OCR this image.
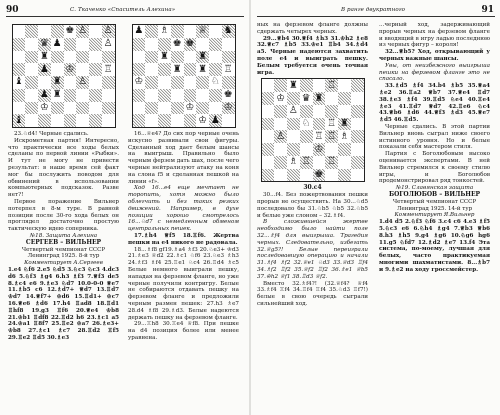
90	С. Ткаченко «Спаситель Алехина»
♚ ♙ ♙
♛ ♟	♙
♜
♟ ♔	♖
♝	♜ ♙
♟ ♜
♔
♝

23.♘d4! Черные сдались.

Искрометная партия! Интересно, что практически все ходы белых сделаны по первой линии «Рыбки». И тут не могу не привести результат: в наше время сей факт мог бы послужить поводом для обвинений в использовании компьютерных подсказок. Разве нет?!

Первое поражение Вильнер потерпел в 8-м туре. В равной позиции после 30-го хода белых он проглядел достаточно простую тактическую идею соперника.

№18. Защита Алехина

СЕРГЕЕВ – ВИЛЬНЕР

Четвертый чемпионат СССР

Ленинград 1925. 8-й тур

Комментирует А.Сергеев

1.e4 ♘f6 2.e5 ♘d5 3.♘c3 ♘c3 4.dc3 d6 5.♘f3 ♗g4 6.h3 ♗f3 7.♕f3 de5 8.♗c4 e6 9.♗e3 ♘d7 10.0-0-0 ♕e7 11.♗b5 c6 12.♗d7+ ♕d7 13.♖d7 ♔d7 14.♕f7+ ♔d6 15.♖d1+ ♔c7 16.♕e6 ♗d6 17.h4 ♖ad8 18.♖d1 ♖hf8 19.g3 ♖f6 20.♕e4 ♔b8 21.♔b1 ♖df8 22.♖d2 h6 23.♗c1 a5 24.♔a1 ♖8f7 25.♖e2 ♔a7 26.♗e3+ ♔b8 27.♗c1 ♗c7 28.♖d2 ♖f5 29.♖e2 ♖d5 30.♗e3

♟ ♗	♕ ♞
♚ ♚
♜	♜
♜ ♜ ♖
♔	♘
♚
♔	♔
♔ ♟

16...♕e4? До сих пор черные очень искусно развивали свои фигуры. Сделанный ход дает белым шансы на выигрыш. Правильно было черным ферзем дать шах, после чего черные нейтрализуют атаку на коня на слона f5 и сделанная пешкой на линии «f».

Ход 16...e4 еще мечтает не торопить, хотя можно было облегчить и без таких резких движений. Например, в духе позиции хорошо смотрелось 16...♘d7 с немедленным обменом центральных пешек.

17.♗h4 ♕f5 18.♖f6. Жертва пешки на e4 никого не радовала.

18...♗f8 gf19.♗a4 ♗f3 20.♘e3+ ♔d3 21.♗e3 ♕d2 22.♗c1 ♘f6 23.♘e3 ♗h3 24.♗f3 ♗f4 25.♖e1 ♘c4 26.♖d4 ♗c5 Белые немного выиграли пешку, нападая на ферзевом фланге, но уже черные получили контригру. Белые не собираются отдавать пешку на ферзевом фланге и предложили черным размен пешек: 27.h3 ♗e7 28.d4 ♗f8 29.♗d3. Белые надеются держать пешку на ферзевом фланге.

29...♖h8 30.♖e4 ♕f8. При пешке на d4 позиция более или менее уравнена.

В ранге двукратного	91

ных на ферзевом фланге должны сдержать четырех черных.

29...♕b4 30.♕f4 ♗h3 31.♔h2 ♗e8 32.♕c7 ♗b5 33.♔e1 ♖b4 34.♗d4 a5. Черные надеются захватить поле е4 и выиграть пешку. Белым требуется очень точная игра.

♜	♖
♔ ♛ ♜
♙
♘ ♖ ♜
♙	♖ ♖ ♗
♔
♗ ♖ ♖
♚

30.c4

30...f4. Без пожертвования пешки прорыв не осуществить. На 30...♘d5 последовало бы 31.♘b5 ♘b5 32.♘b5 и белые уже слоном – 32.♗f4.

В сложившейся жертве необходимо было найти поле 32...♗f4 для выигрыша. Трагедия черных. Следовательно, избегать 32.♕g5?! Белые переиграли последовавшую операцию и начали 31.♗f4 ♗f2 32.♕e1 ♘d3 33.♕d3 ♖f4 34.♗f2 ♖f2 35.♕f2 ♖f2 36.♗e1 ♕b5 37.♔h2 ♕f1 38.♖d3 ♕f2.

Вместо 32.♗f4?! (32.♕f4? ♕f4 33.♗f4 ♖f4 34.♖f4 ♖f4 35.♘d3 ♖f7!) белые в свою очередь сыграли сильнейший ход.

...черный ход, задерживающий прорыв черных на ферзевом фланге и вводящий в игру ладью последнюю из черных фигур – короля!

32...♕b5? Ход, открывающий у черных важные шансы.

Увы, от неизбежного выигрыша пешки на ферзевом фланге это не спасало.

33.♗d5 ♗f4 34.b4 ♗b5 35.♕a4 ♗e2 36.♖a2 ♕b7 37.♕e4 ♖d7 38.♗e3 ♗f4 39.♖d5 ♘e4 40.♖e4 ♗e3 41.♖d7 ♕d7 42.♖e6 ♘c4 43.♕b6 ♗d6 44.♕f3 ♗d3 45.♕e7 ♗d5 46.♖d5.

Черные сдались. В этой партии Вильнер вновь сыграл ниже своего истинного уровня. Но и белые показали себя мастером стиля.

Партия с Боголюбовым высоко оценивается экспертами. В ней Вильнер стремился к своему стилю игры, и Боголюбов продемонстрировал ряд тонкостей.

№19. Славянская защита

БОГОЛЮБОВ – ВИЛЬНЕР

Четвертый чемпионат СССР

Ленинград 1925. 14-й тур

Комментирует Я.Вильнер

1.d4 d5 2.♘f3 ♘f6 3.c4 c6 4.e3 ♗f5 5.♘c3 e6 6.♘h4 ♗g4 7.♕b3 ♕b6 8.h3 ♗h5 9.g4 ♗g6 10.♘g6 hg6 11.g5 ♘fd7 12.♗d2 ♗e7 13.f4 Эта система, по-моему, лучшая для белых, часто практикуемая многими шахматистами. 8...♗b7 и 9.♗e2 на ходу гроссмейстер.
